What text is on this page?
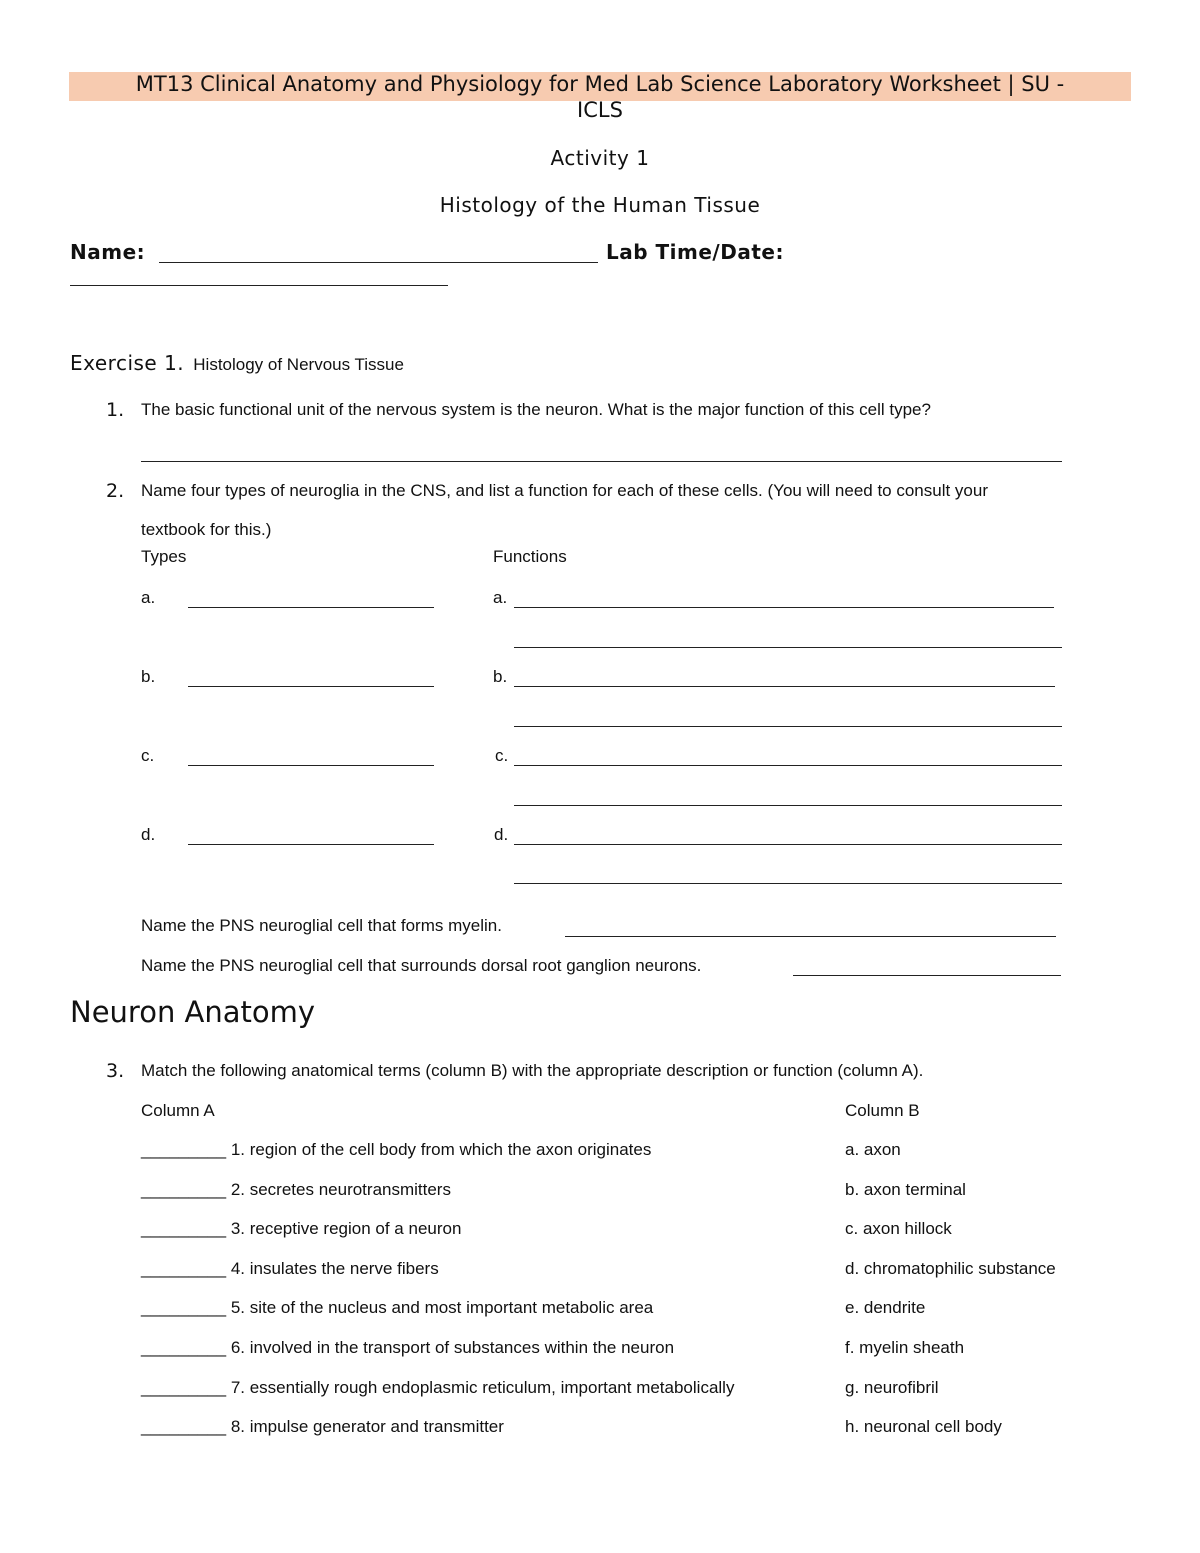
MT13 Clinical Anatomy and Physiology for Med Lab Science Laboratory Worksheet | SU -
ICLS
Activity 1
Histology of the Human Tissue
Name:	Lab Time/Date:
Exercise 1. Histology of Nervous Tissue
1. The basic functional unit of the nervous system is the neuron. What is the major function of this cell type?
2. Name four types of neuroglia in the CNS, and list a function for each of these cells. (You will need to consult your
textbook for this.)
Types	Functions
a.	a.
b.	b.
c.	c.
d.	d.
Name the PNS neuroglial cell that forms myelin.
Name the PNS neuroglial cell that surrounds dorsal root ganglion neurons.
Neuron Anatomy
3. Match the following anatomical terms (column B) with the appropriate description or function (column A).
Column A	Column B
_________ 1. region of the cell body from which the axon originates	a. axon
_________ 2. secretes neurotransmitters	b. axon terminal
_________ 3. receptive region of a neuron	c. axon hillock
_________ 4. insulates the nerve fibers	d. chromatophilic substance
_________ 5. site of the nucleus and most important metabolic area	e. dendrite
_________ 6. involved in the transport of substances within the neuron	f. myelin sheath
_________ 7. essentially rough endoplasmic reticulum, important metabolically	g. neurofibril
_________ 8. impulse generator and transmitter	h. neuronal cell body
